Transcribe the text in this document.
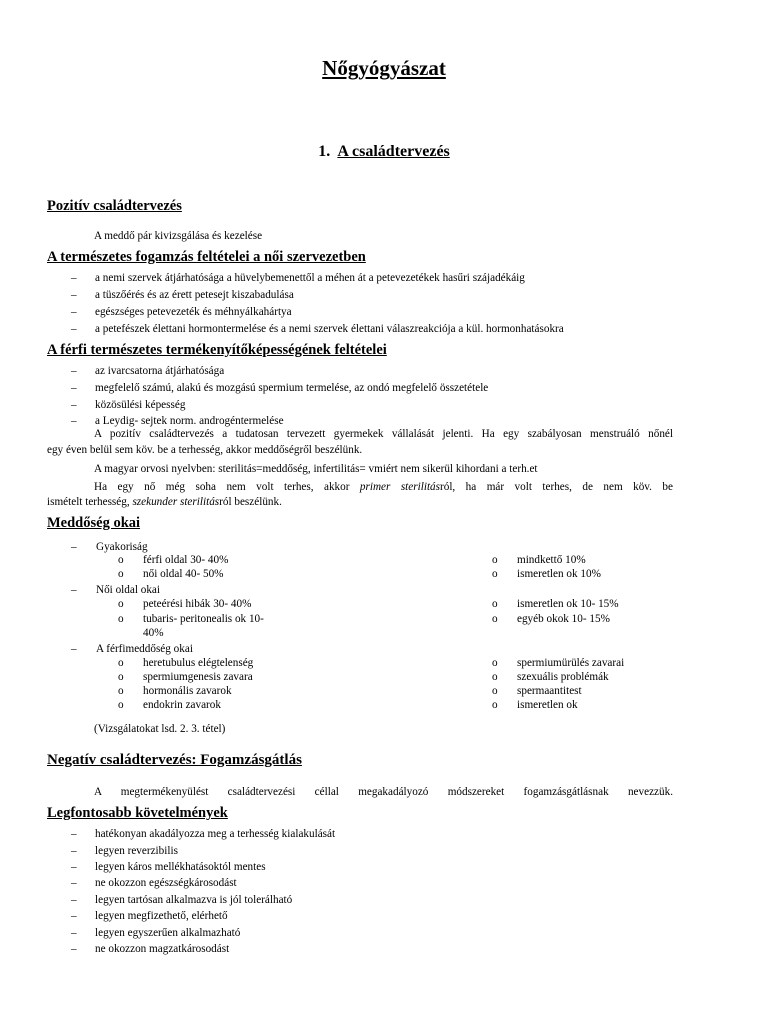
Nőgyógyászat
1. A családtervezés
Pozitív családtervezés
A meddő pár kivizsgálása és kezelése
A természetes fogamzás feltételei a női szervezetben
– a nemi szervek átjárhatósága a hüvelybemenettől a méhen át a petevezetékek hasűri szájadékáig
– a tüszőérés és az érett petesejt kiszabadulása
– egészséges petevezeték és méhnyálkahártya
– a petefészek élettani hormontermelése és a nemi szervek élettani válaszreakciója a kül. hormonhatásokra
A férfi természetes termékenyítőképességének feltételei
– az ivarcsatorna átjárhatósága
– megfelelő számú, alakú és mozgású spermium termelése, az ondó megfelelő összetétele
– közösülési képesség
– a Leydig- sejtek norm. androgéntermelése
A pozitív családtervezés a tudatosan tervezett gyermekek vállalását jelenti. Ha egy szabályosan menstruáló nőnél
egy éven belül sem köv. be a terhesség, akkor meddőségről beszélünk.
A magyar orvosi nyelvben: sterilitás=meddőség, infertilitás= vmiért nem sikerül kihordani a terh.et
Ha egy nő még soha nem volt terhes, akkor primer sterilitásról, ha már volt terhes, de nem köv. be
ismételt terhesség, szekunder sterilitásról beszélünk.
Meddőség okai
– Gyakoriság
o férfi oldal 30- 40%
o női oldal 40- 50%
o mindkettő 10%
o ismeretlen ok 10%
– Női oldal okai
o peteérési hibák 30- 40%
o tubaris- peritonealis ok 10-
40%
o ismeretlen ok 10- 15%
o egyéb okok 10- 15%
– A férfimeddőség okai
o heretubulus elégtelenség
o spermiumgenesis zavara
o hormonális zavarok
o endokrin zavarok
o spermiumürülés zavarai
o szexuális problémák
o spermaantitest
o ismeretlen ok
(Vizsgálatokat lsd. 2. 3. tétel)
Negatív családtervezés: Fogamzásgátlás
A megtermékenyülést családtervezési céllal megakadályozó módszereket fogamzásgátlásnak nevezzük.
Legfontosabb követelmények
– hatékonyan akadályozza meg a terhesség kialakulását
– legyen reverzibilis
– legyen káros mellékhatásoktól mentes
– ne okozzon egészségkárosodást
– legyen tartósan alkalmazva is jól tolerálható
– legyen megfizethető, elérhető
– legyen egyszerűen alkalmazható
– ne okozzon magzatkárosodást
